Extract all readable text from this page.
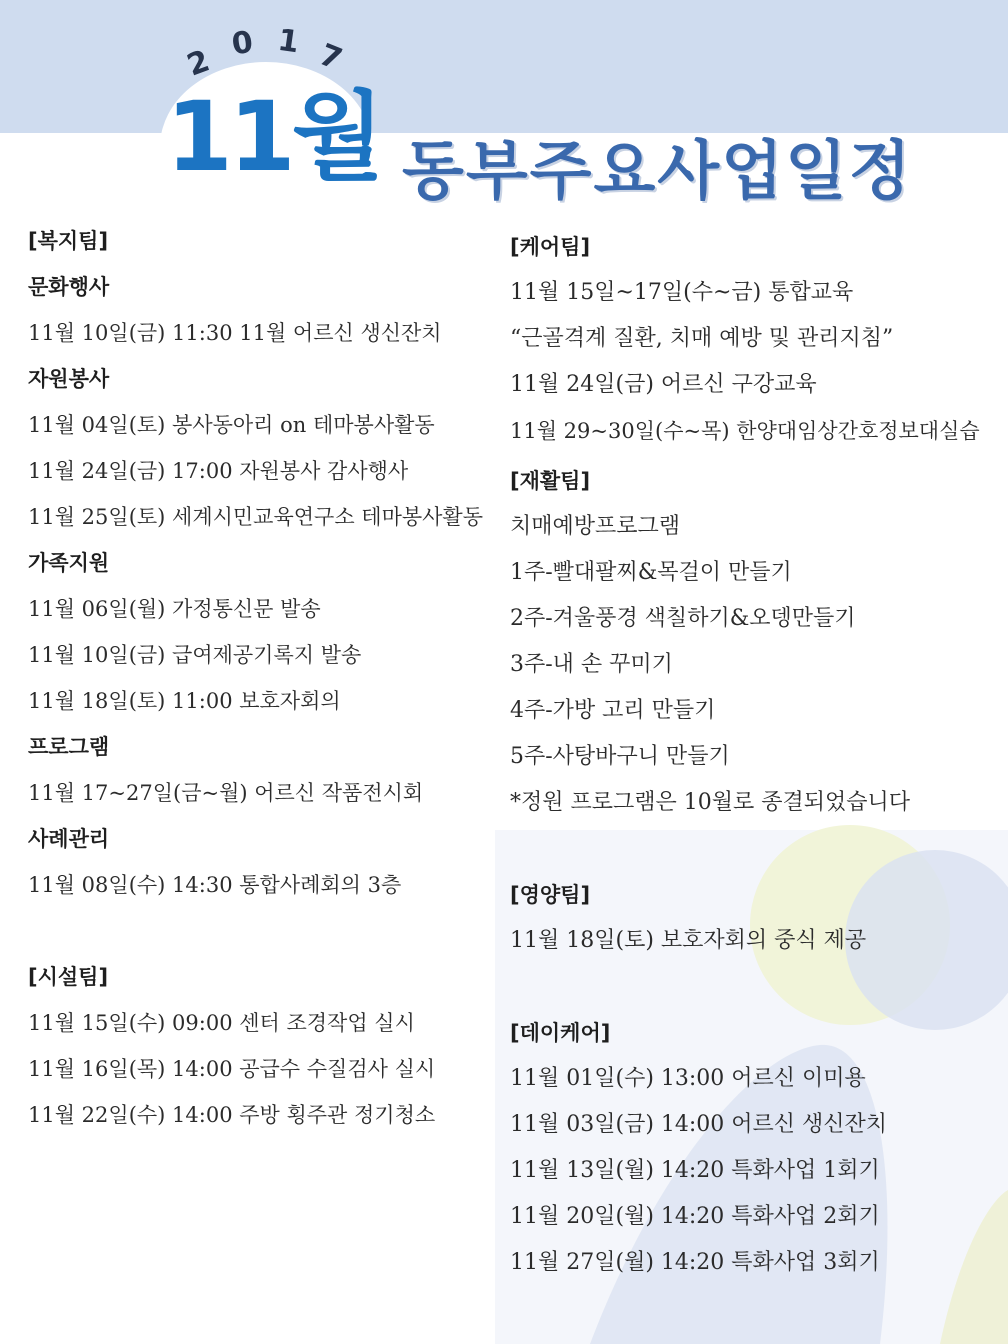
2 0 1 7
11월 동부주요사업일정
[복지팀]
문화행사
11월 10일(금) 11:30 11월 어르신 생신잔치
자원봉사
11월 04일(토) 봉사동아리 on 테마봉사활동
11월 24일(금) 17:00 자원봉사 감사행사
11월 25일(토) 세계시민교육연구소 테마봉사활동
가족지원
11월 06일(월) 가정통신문 발송
11월 10일(금) 급여제공기록지 발송
11월 18일(토) 11:00 보호자회의
프로그램
11월 17~27일(금~월) 어르신 작품전시회
사례관리
11월 08일(수) 14:30 통합사례회의 3층
[시설팀]
11월 15일(수) 09:00 센터 조경작업 실시
11월 16일(목) 14:00 공급수 수질검사 실시
11월 22일(수) 14:00 주방 횡주관 정기청소
[케어팀]
11월 15일~17일(수~금) 통합교육
“근골격계 질환, 치매 예방 및 관리지침”
11월 24일(금) 어르신 구강교육
11월 29~30일(수~목) 한양대임상간호정보대실습
[재활팀]
치매예방프로그램
1주-빨대팔찌&목걸이 만들기
2주-겨울풍경 색칠하기&오뎅만들기
3주-내 손 꾸미기
4주-가방 고리 만들기
5주-사탕바구니 만들기
*정원 프로그램은 10월로 종결되었습니다
[영양팀]
11월 18일(토) 보호자회의 중식 제공
[데이케어]
11월 01일(수) 13:00 어르신 이미용
11월 03일(금) 14:00 어르신 생신잔치
11월 13일(월) 14:20 특화사업 1회기
11월 20일(월) 14:20 특화사업 2회기
11월 27일(월) 14:20 특화사업 3회기
